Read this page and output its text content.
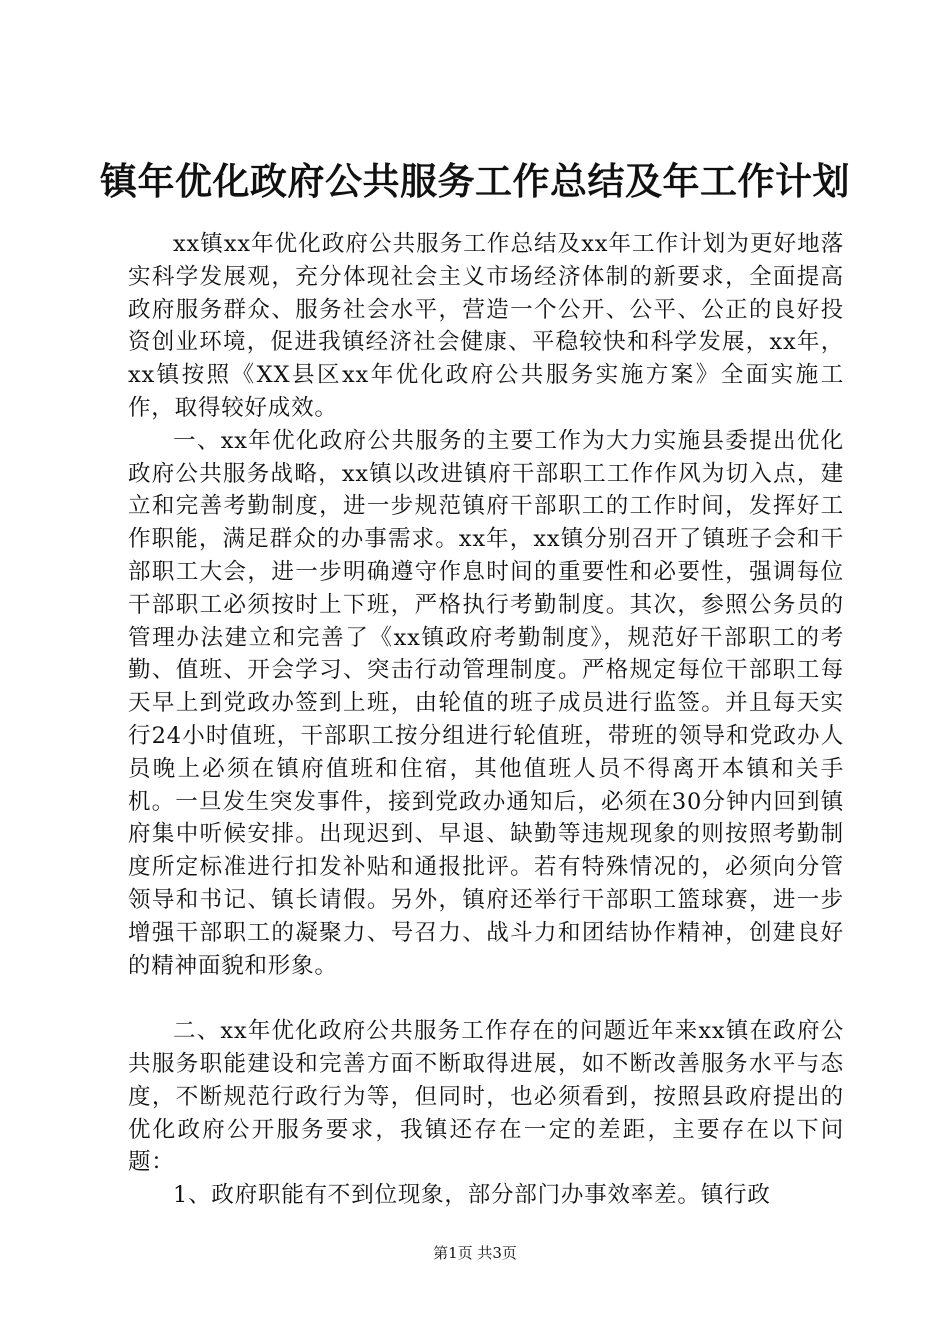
镇年优化政府公共服务工作总结及年工作计划

xx镇xx年优化政府公共服务工作总结及xx年工作计划为更好地落实科学发展观，充分体现社会主义市场经济体制的新要求，全面提高政府服务群众、服务社会水平，营造一个公开、公平、公正的良好投资创业环境，促进我镇经济社会健康、平稳较快和科学发展，xx年，xx镇按照《XX县区xx年优化政府公共服务实施方案》全面实施工作，取得较好成效。

一、xx年优化政府公共服务的主要工作为大力实施县委提出优化政府公共服务战略，xx镇以改进镇府干部职工工作作风为切入点，建立和完善考勤制度，进一步规范镇府干部职工的工作时间，发挥好工作职能，满足群众的办事需求。xx年，xx镇分别召开了镇班子会和干部职工大会，进一步明确遵守作息时间的重要性和必要性，强调每位干部职工必须按时上下班，严格执行考勤制度。其次，参照公务员的管理办法建立和完善了《xx镇政府考勤制度》，规范好干部职工的考勤、值班、开会学习、突击行动管理制度。严格规定每位干部职工每天早上到党政办签到上班，由轮值的班子成员进行监签。并且每天实行24小时值班，干部职工按分组进行轮值班，带班的领导和党政办人员晚上必须在镇府值班和住宿，其他值班人员不得离开本镇和关手机。一旦发生突发事件，接到党政办通知后，必须在30分钟内回到镇府集中听候安排。出现迟到、早退、缺勤等违规现象的则按照考勤制度所定标准进行扣发补贴和通报批评。若有特殊情况的，必须向分管领导和书记、镇长请假。另外，镇府还举行干部职工篮球赛，进一步增强干部职工的凝聚力、号召力、战斗力和团结协作精神，创建良好的精神面貌和形象。

二、xx年优化政府公共服务工作存在的问题近年来xx镇在政府公共服务职能建设和完善方面不断取得进展，如不断改善服务水平与态度，不断规范行政行为等，但同时，也必须看到，按照县政府提出的优化政府公开服务要求，我镇还存在一定的差距，主要存在以下问题：

1、政府职能有不到位现象，部分部门办事效率差。镇行政

第1页 共3页
